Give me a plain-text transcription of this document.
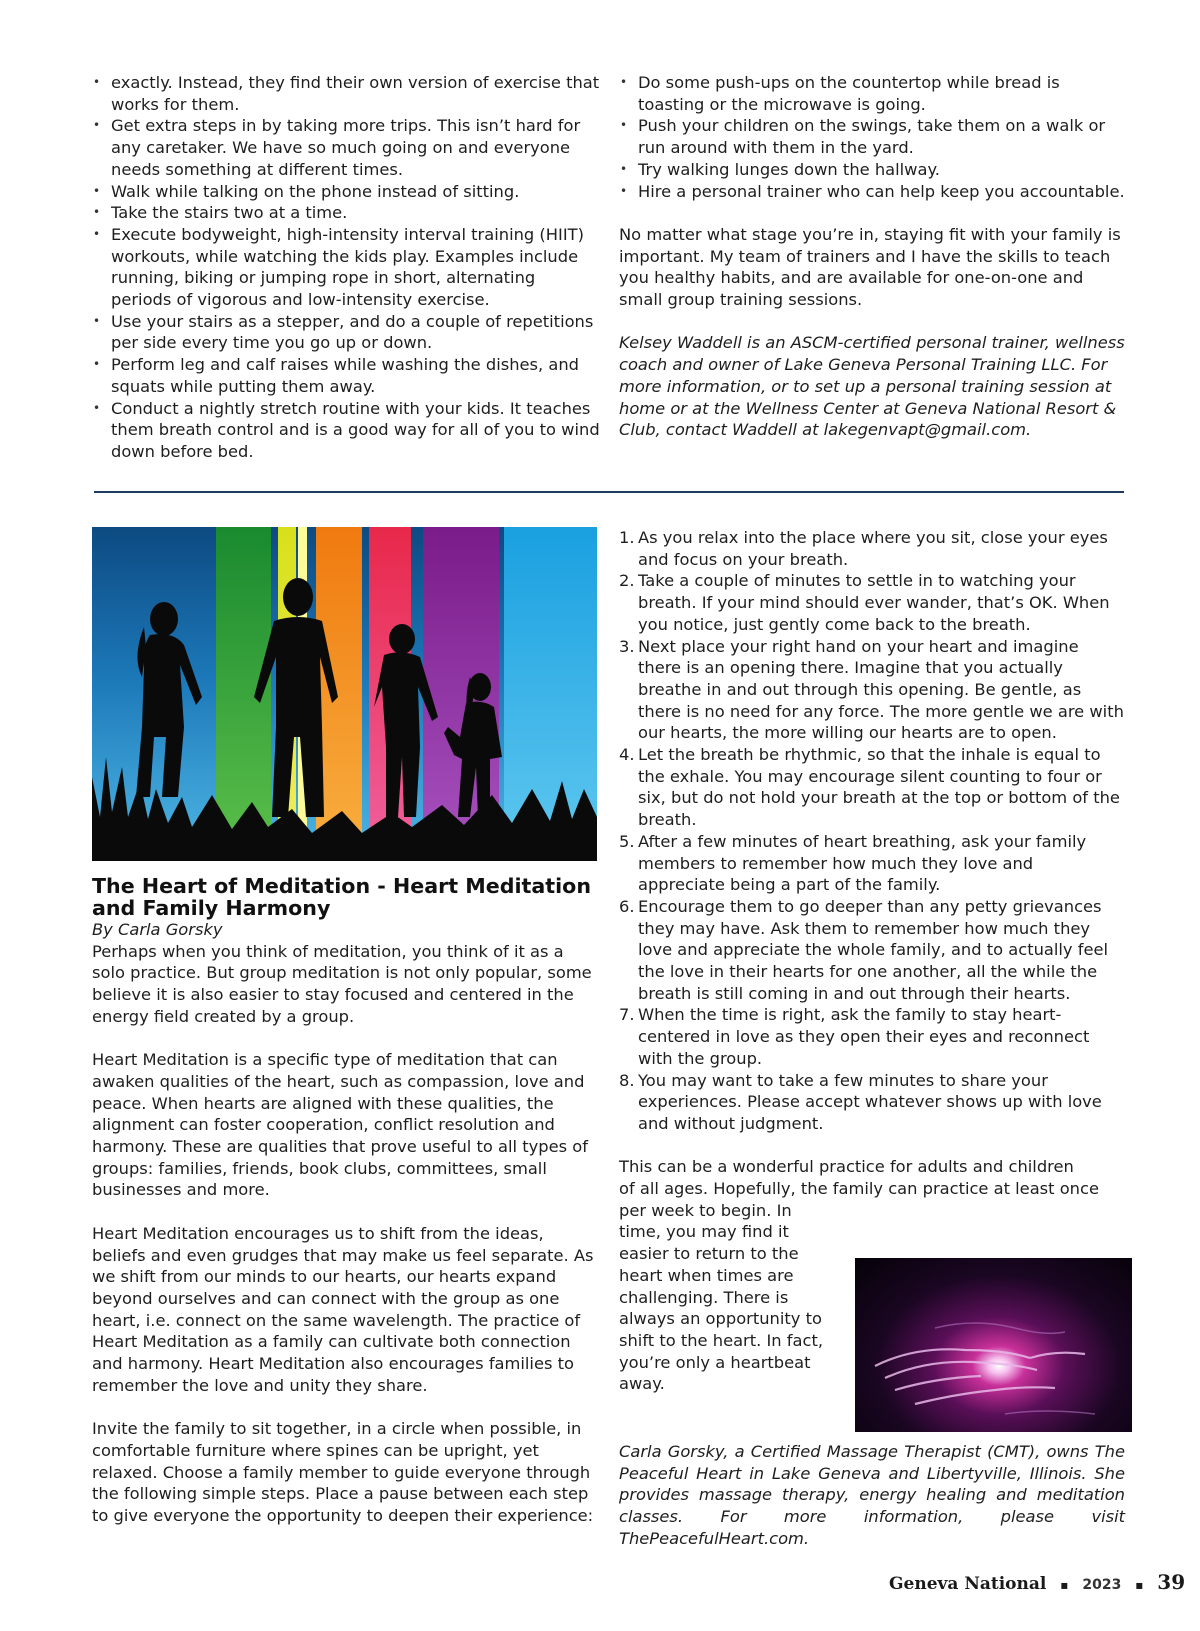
• exactly. Instead, they find their own version of exercise that works for them.
• Get extra steps in by taking more trips. This isn’t hard for any caretaker. We have so much going on and everyone needs something at different times.
• Walk while talking on the phone instead of sitting.
• Take the stairs two at a time.
• Execute bodyweight, high-intensity interval training (HIIT) workouts, while watching the kids play. Examples include running, biking or jumping rope in short, alternating periods of vigorous and low-intensity exercise.
• Use your stairs as a stepper, and do a couple of repetitions per side every time you go up or down.
• Perform leg and calf raises while washing the dishes, and squats while putting them away.
• Conduct a nightly stretch routine with your kids. It teaches them breath control and is a good way for all of you to wind down before bed.
• Do some push-ups on the countertop while bread is toasting or the microwave is going.
• Push your children on the swings, take them on a walk or run around with them in the yard.
• Try walking lunges down the hallway.
• Hire a personal trainer who can help keep you accountable.

No matter what stage you’re in, staying fit with your family is important. My team of trainers and I have the skills to teach you healthy habits, and are available for one-on-one and small group training sessions.

Kelsey Waddell is an ASCM-certified personal trainer, wellness coach and owner of Lake Geneva Personal Training LLC. For more information, or to set up a personal training session at home or at the Wellness Center at Geneva National Resort & Club, contact Waddell at lakegenvapt@gmail.com.

The Heart of Meditation - Heart Meditation and Family Harmony

By Carla Gorsky

Perhaps when you think of meditation, you think of it as a solo practice. But group meditation is not only popular, some believe it is also easier to stay focused and centered in the energy field created by a group.

Heart Meditation is a specific type of meditation that can awaken qualities of the heart, such as compassion, love and peace. When hearts are aligned with these qualities, the alignment can foster cooperation, conflict resolution and harmony. These are qualities that prove useful to all types of groups: families, friends, book clubs, committees, small businesses and more.

Heart Meditation encourages us to shift from the ideas, beliefs and even grudges that may make us feel separate. As we shift from our minds to our hearts, our hearts expand beyond ourselves and can connect with the group as one heart, i.e. connect on the same wavelength. The practice of Heart Meditation as a family can cultivate both connection and harmony. Heart Meditation also encourages families to remember the love and unity they share.

Invite the family to sit together, in a circle when possible, in comfortable furniture where spines can be upright, yet relaxed. Choose a family member to guide everyone through the following simple steps. Place a pause between each step to give everyone the opportunity to deepen their experience:

1. As you relax into the place where you sit, close your eyes and focus on your breath.
2. Take a couple of minutes to settle in to watching your breath. If your mind should ever wander, that’s OK. When you notice, just gently come back to the breath.
3. Next place your right hand on your heart and imagine there is an opening there. Imagine that you actually breathe in and out through this opening. Be gentle, as there is no need for any force. The more gentle we are with our hearts, the more willing our hearts are to open.
4. Let the breath be rhythmic, so that the inhale is equal to the exhale. You may encourage silent counting to four or six, but do not hold your breath at the top or bottom of the breath.
5. After a few minutes of heart breathing, ask your family members to remember how much they love and appreciate being a part of the family.
6. Encourage them to go deeper than any petty grievances they may have. Ask them to remember how much they love and appreciate the whole family, and to actually feel the love in their hearts for one another, all the while the breath is still coming in and out through their hearts.
7. When the time is right, ask the family to stay heart-centered in love as they open their eyes and reconnect with the group.
8. You may want to take a few minutes to share your experiences. Please accept whatever shows up with love and without judgment.
This can be a wonderful practice for adults and children
of all ages. Hopefully, the family can practice at least once
per week to begin. In
time, you may find it
easier to return to the
heart when times are
challenging. There is
always an opportunity to
shift to the heart. In fact,
you’re only a heartbeat
away.

Carla Gorsky, a Certified Massage Therapist (CMT), owns The Peaceful Heart in Lake Geneva and Libertyville, Illinois. She provides massage therapy, energy healing and meditation classes. For more information, please visit ThePeacefulHeart.com.

Geneva National ▪ 2023 ▪ 39
